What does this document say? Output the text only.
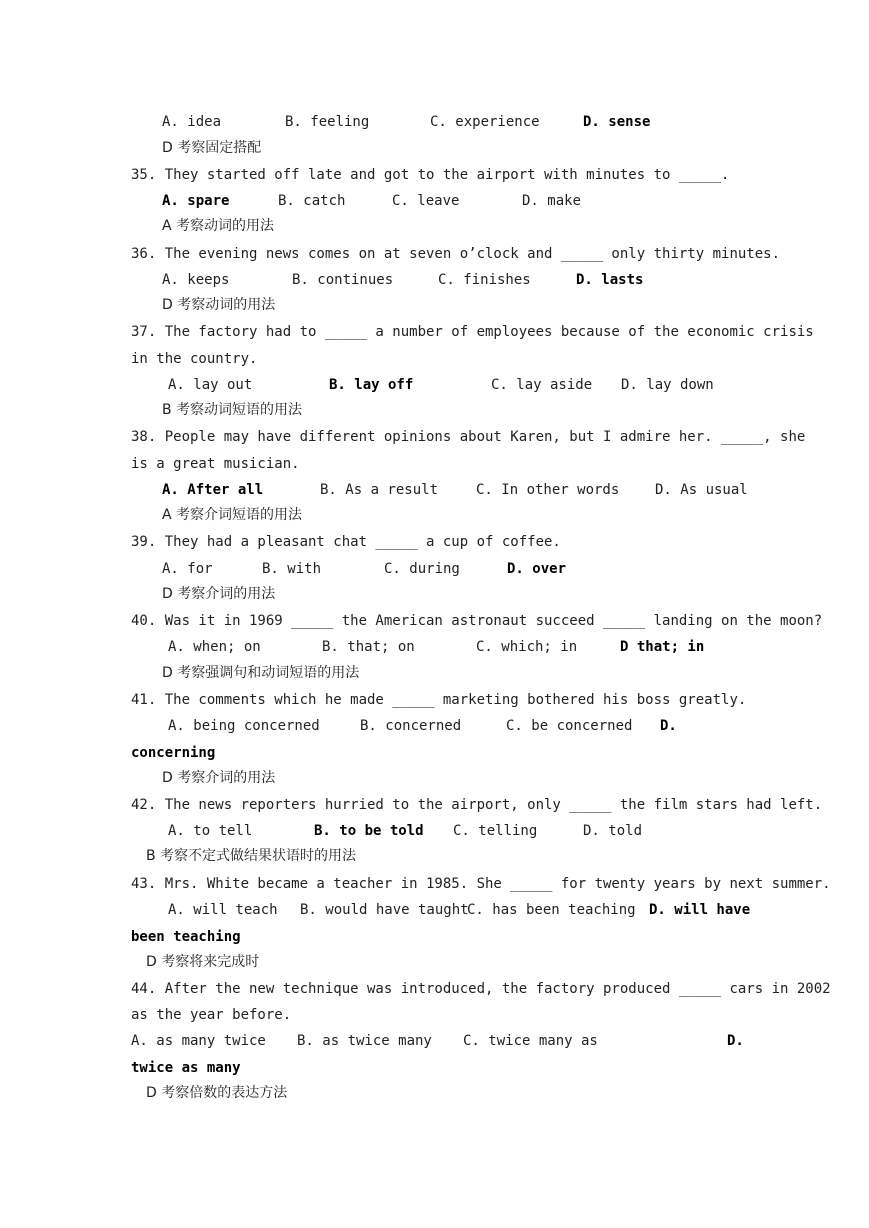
A. idea	B. feeling	C. experience	D. sense
D 考察固定搭配
35. They started off late and got to the airport with minutes to _____.
A. spare	B. catch	C. leave	D. make
A 考察动词的用法
36. The evening news comes on at seven o’clock and _____ only thirty minutes.
A. keeps	B. continues	C. finishes	D. lasts
D 考察动词的用法
37. The factory had to _____ a number of employees because of the economic crisis
in the country.
A. lay out	B. lay off	C. lay aside D. lay down
B 考察动词短语的用法
38. People may have different opinions about Karen, but I admire her. _____, she
is a great musician.
A. After all	B. As a result	C. In other words	D. As usual
A 考察介词短语的用法
39. They had a pleasant chat _____ a cup of coffee.
A. for	B. with	C. during	D. over
D 考察介词的用法
40. Was it in 1969 _____ the American astronaut succeed _____ landing on the moon?
A. when; on	B. that; on	C. which; in	D that; in
D 考察强调句和动词短语的用法
41. The comments which he made _____ marketing bothered his boss greatly.
A. being concerned	B. concerned	C. be concerned D.
concerning
D 考察介词的用法
42. The news reporters hurried to the airport, only _____ the film stars had left.
A. to tell	B. to be told C. telling	D. told
B 考察不定式做结果状语时的用法
43. Mrs. White became a teacher in 1985. She _____ for twenty years by next summer.
A. will teach B. would have taught
C. has been teaching D. will have
been teaching
D 考察将来完成时
44. After the new technique was introduced, the factory produced _____ cars in 2002
as the year before.
A. as many twice B. as twice many C. twice many as	D.
twice as many
D 考察倍数的表达方法
